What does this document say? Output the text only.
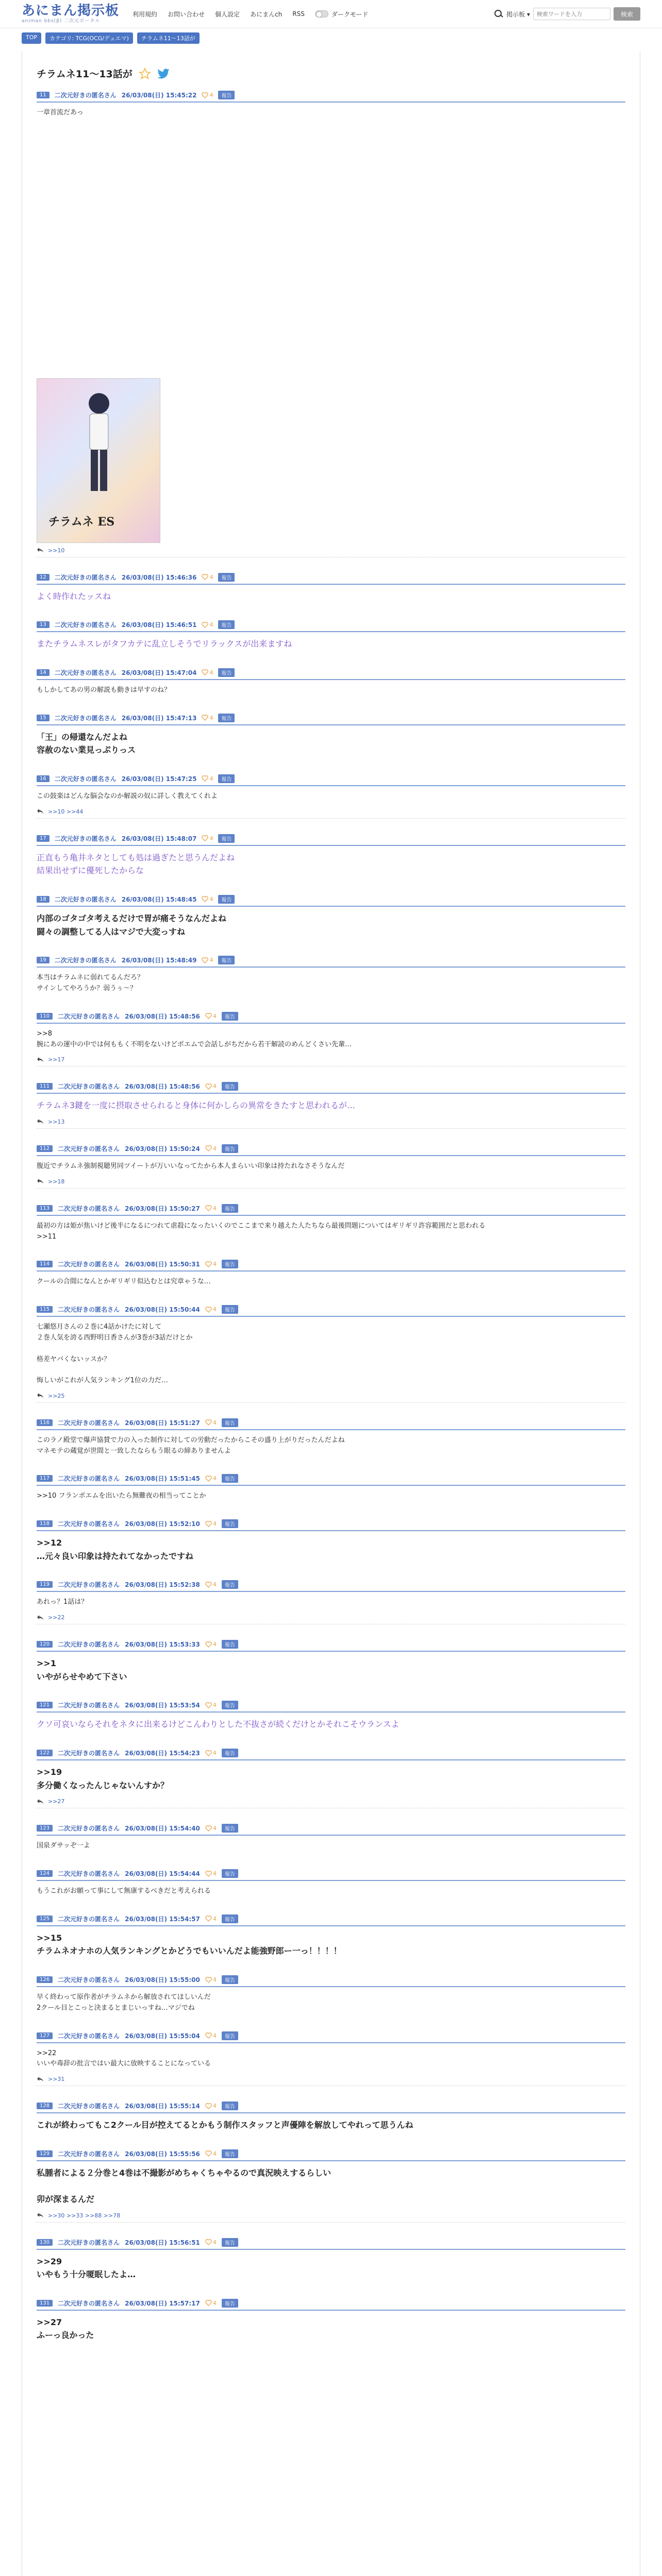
あにまん掲示板
animan bbs(β) 二次元ポータル
利用規約 お問い合わせ 個人設定 あにまんch RSS	ダークモード	掲示板 ▾
検索ワードを入力	検索
TOP	カテゴリ: TCG(OCG/デュエマ)	チラムネ11～13話が
チラムネ11～13話が
11	二次元好きの匿名さん 26/03/08(日) 15:45:22 4	報告
一章首流だあっ
チラムネ ES
>>10
12	二次元好きの匿名さん 26/03/08(日) 15:46:36 4	報告
よく時作れたッスね
13	二次元好きの匿名さん 26/03/08(日) 15:46:51 4	報告
またチラムネスレがタフカテに乱立しそうでリラックスが出来ますね
14	二次元好きの匿名さん 26/03/08(日) 15:47:04 4	報告
もしかしてあの男の解説も動きは早すのね？
15	二次元好きの匿名さん 26/03/08(日) 15:47:13 4	報告
「王」の帰還なんだよね
容赦のない業見っぷりっス
16	二次元好きの匿名さん 26/03/08(日) 15:47:25 4	報告
この鼓楽はどんな脳会なのか解説の奴に詳しく教えてくれよ
>>10 >>44
17	二次元好きの匿名さん 26/03/08(日) 15:48:07 4	報告
正直もう亀井ネタとしても処は過ぎたと思うんだよね
結果出せずに優死したからな
18	二次元好きの匿名さん 26/03/08(日) 15:48:45 4	報告
内部のゴタゴタ考えるだけで胃が痛そうなんだよね
闘々の調整してる人はマジで大変っすね
19	二次元好きの匿名さん 26/03/08(日) 15:48:49 4	報告
本当はチラムネに弱れてるんだろ？
サインしてやろうか？弱うぅ～？
110	二次元好きの匿名さん 26/03/08(日) 15:48:56 4	報告
>>8
腕にあの運中の中では何ももく不明をないけどポエムで会話しがちだから若干解読のめんどくさい先輩…
>>17
111	二次元好きの匿名さん 26/03/08(日) 15:48:56 4	報告
チラムネ3鍵を一度に摂取させられると身体に何かしらの異常をきたすと思われるが…
>>13
112	二次元好きの匿名さん 26/03/08(日) 15:50:24 4	報告
腹近でチラムネ強制視聴男同ツイートが万いいなってたから本人まらいい印象は持たれなさそうなんだ
>>18
113	二次元好きの匿名さん 26/03/08(日) 15:50:27 4	報告
最初の方は姫が焦いけど後半になるにつれて虐殺になったいくのでここまで来り越えた人たちなら最後問題についてはギリギリ許容範囲だと思われる
>>11
114	二次元好きの匿名さん 26/03/08(日) 15:50:31 4	報告
クールの合間になんとかギリギリ似込むとは究章ゃうな…
115	二次元好きの匿名さん 26/03/08(日) 15:50:44 4	報告
七瀬悠月さんの２巻に4話かけたに対して
２巻人気を誇る西野明日香さんが3巻が3話だけとか

格差ヤバくないッスか？

悔しいがこれが人気ランキング1位の力だ…
>>25
116	二次元好きの匿名さん 26/03/08(日) 15:51:27 4	報告
このラノ殿堂で爆声協賛で力の入った制作に対しての労動だったからこその盛り上がりだったんだよね
マネモテの蔵覚が世間と一致したならもう眼るの締ありませんよ
117	二次元好きの匿名さん 26/03/08(日) 15:51:45 4	報告
>>10 フランポエムを出いたら無難夜の相当ってことか
118	二次元好きの匿名さん 26/03/08(日) 15:52:10 4	報告
>>12
…元々良い印象は持たれてなかったですね
119	二次元好きの匿名さん 26/03/08(日) 15:52:38 4	報告
あれっ？1話は？
>>22
120	二次元好きの匿名さん 26/03/08(日) 15:53:33 4	報告
>>1
いやがらせやめて下さい
121	二次元好きの匿名さん 26/03/08(日) 15:53:54 4	報告
クソ可哀いならそれをネタに出来るけどこんわりとした不抜さが続くだけとかそれこそウランスよ
122	二次元好きの匿名さん 26/03/08(日) 15:54:23 4	報告
>>19
多分働くなったんじゃないんすか？
>>27
123	二次元好きの匿名さん 26/03/08(日) 15:54:40 4	報告
国泉ダサッぞ一よ
124	二次元好きの匿名さん 26/03/08(日) 15:54:44 4	報告
もうこれがお願って事にして無康するべきだと考えられる
125	二次元好きの匿名さん 26/03/08(日) 15:54:57 4	報告
>>15
チラムネオナホの人気ランキングとかどうでもいいんだよ能強野郎ー一っ！！！！
126	二次元好きの匿名さん 26/03/08(日) 15:55:00 4	報告
早く終わって原作者がチラムネから解放されてほしいんだ
2クール目とこっと決まるとまじいっすね…マジでね
127	二次元好きの匿名さん 26/03/08(日) 15:55:04 4	報告
>>22
いいや毒辞の批言ではい最大に放映することになっている
>>31
128	二次元好きの匿名さん 26/03/08(日) 15:55:14 4	報告
これが終わってもこ2クール目が控えてるとかもう制作スタッフと声優陣を解放してやれって思うんね
129	二次元好きの匿名さん 26/03/08(日) 15:55:56 4	報告
私腫者による２分巻と4巻は不撮影がめちゃくちゃやるので真況映えするらしい

卯が深まるんだ
>>30 >>33 >>88 >>78
130	二次元好きの匿名さん 26/03/08(日) 15:56:51 4	報告
>>29
いやもう十分嗄眠したよ…
131	二次元好きの匿名さん 26/03/08(日) 15:57:17 4	報告
>>27
ふーっ良かった
